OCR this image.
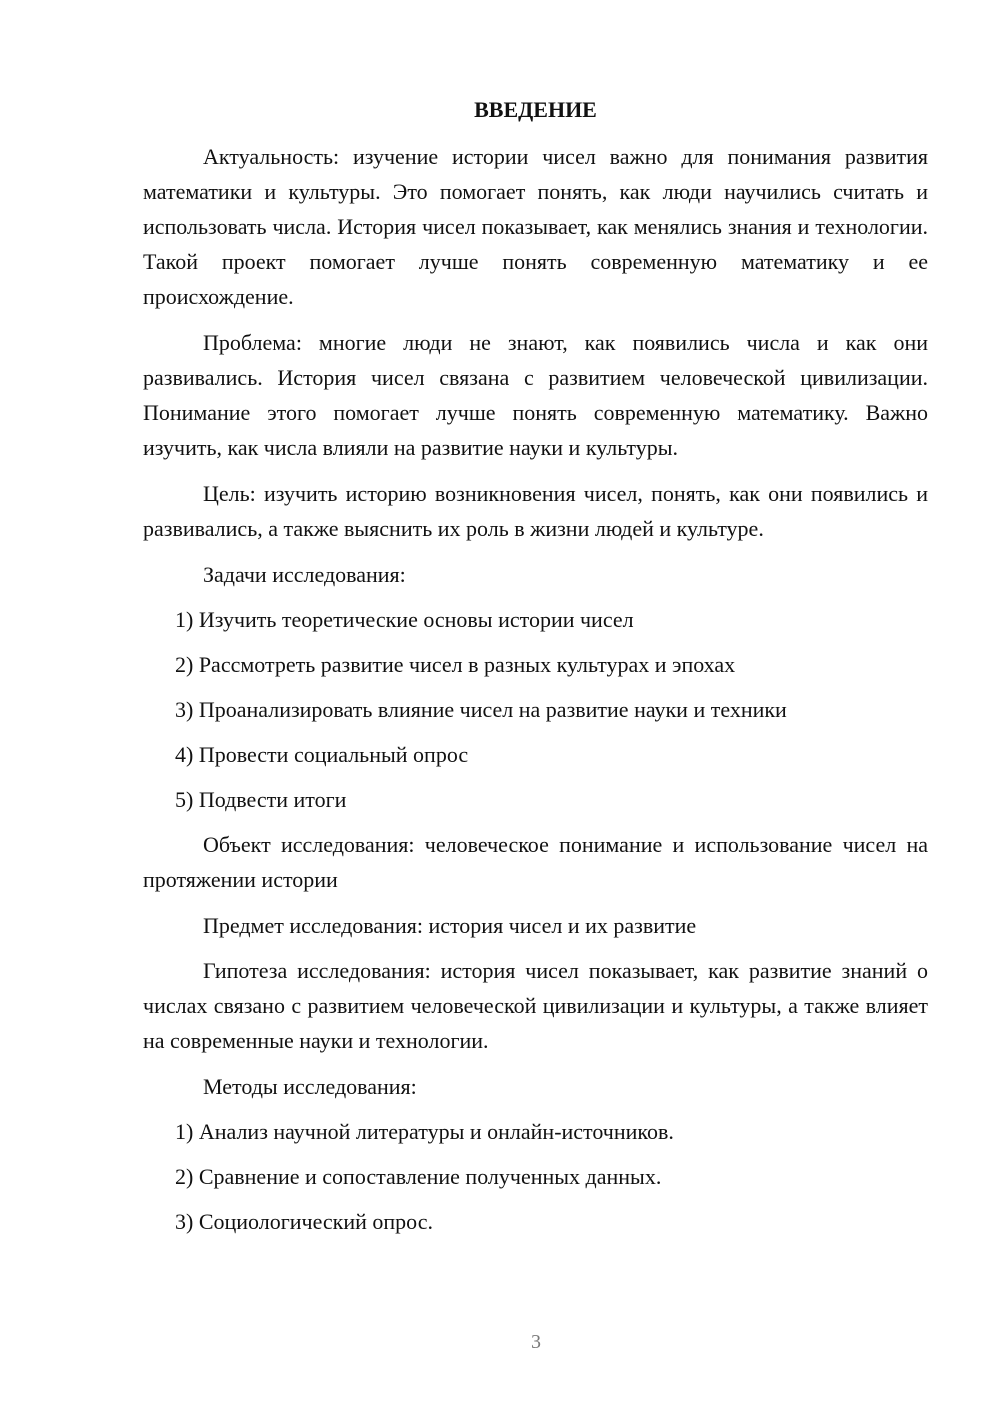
ВВЕДЕНИЕ

Актуальность: изучение истории чисел важно для понимания развития математики и культуры. Это помогает понять, как люди научились считать и использовать числа. История чисел показывает, как менялись знания и технологии. Такой проект помогает лучше понять современную математику и ее происхождение.

Проблема: многие люди не знают, как появились числа и как они развивались. История чисел связана с развитием человеческой цивилизации. Понимание этого помогает лучше понять современную математику. Важно изучить, как числа влияли на развитие науки и культуры.

Цель: изучить историю возникновения чисел, понять, как они появились и развивались, а также выяснить их роль в жизни людей и культуре.

Задачи исследования:
1) Изучить теоретические основы истории чисел
2) Рассмотреть развитие чисел в разных культурах и эпохах
3) Проанализировать влияние чисел на развитие науки и техники
4) Провести социальный опрос
5) Подвести итоги

Объект исследования: человеческое понимание и использование чисел на протяжении истории

Предмет исследования: история чисел и их развитие

Гипотеза исследования: история чисел показывает, как развитие знаний о числах связано с развитием человеческой цивилизации и культуры, а также влияет на современные науки и технологии.

Методы исследования:
1) Анализ научной литературы и онлайн-источников.
2) Сравнение и сопоставление полученных данных.
3) Социологический опрос.
3
